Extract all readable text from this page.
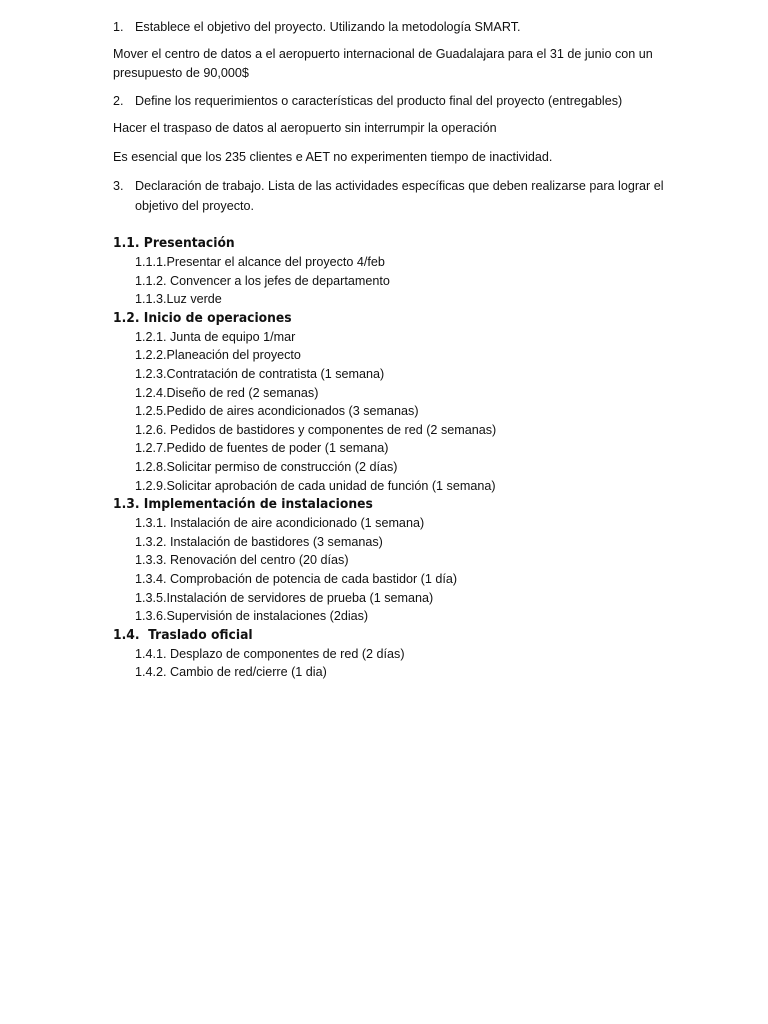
1. Establece el objetivo del proyecto. Utilizando la metodología SMART.

Mover el centro de datos a el aeropuerto internacional de Guadalajara para el 31 de junio con un presupuesto de 90,000$

2. Define los requerimientos o características del producto final del proyecto (entregables)

Hacer el traspaso de datos al aeropuerto sin interrumpir la operación

Es esencial que los 235 clientes e AET no experimenten tiempo de inactividad.

3. Declaración de trabajo. Lista de las actividades específicas que deben realizarse para lograr el objetivo del proyecto.

1.1. Presentación

1.1.1.Presentar el alcance del proyecto 4/feb

1.1.2. Convencer a los jefes de departamento

1.1.3.Luz verde

1.2. Inicio de operaciones

1.2.1. Junta de equipo 1/mar

1.2.2.Planeación del proyecto

1.2.3.Contratación de contratista (1 semana)

1.2.4.Diseño de red (2 semanas)

1.2.5.Pedido de aires acondicionados (3 semanas)

1.2.6. Pedidos de bastidores y componentes de red (2 semanas)

1.2.7.Pedido de fuentes de poder (1 semana)

1.2.8.Solicitar permiso de construcción (2 días)

1.2.9.Solicitar aprobación de cada unidad de función (1 semana)

1.3. Implementación de instalaciones

1.3.1. Instalación de aire acondicionado (1 semana)

1.3.2. Instalación de bastidores (3 semanas)

1.3.3. Renovación del centro (20 días)

1.3.4. Comprobación de potencia de cada bastidor (1 día)

1.3.5.Instalación de servidores de prueba (1 semana)

1.3.6.Supervisión de instalaciones (2dias)

1.4.  Traslado oficial

1.4.1. Desplazo de componentes de red (2 días)

1.4.2. Cambio de red/cierre (1 dia)
